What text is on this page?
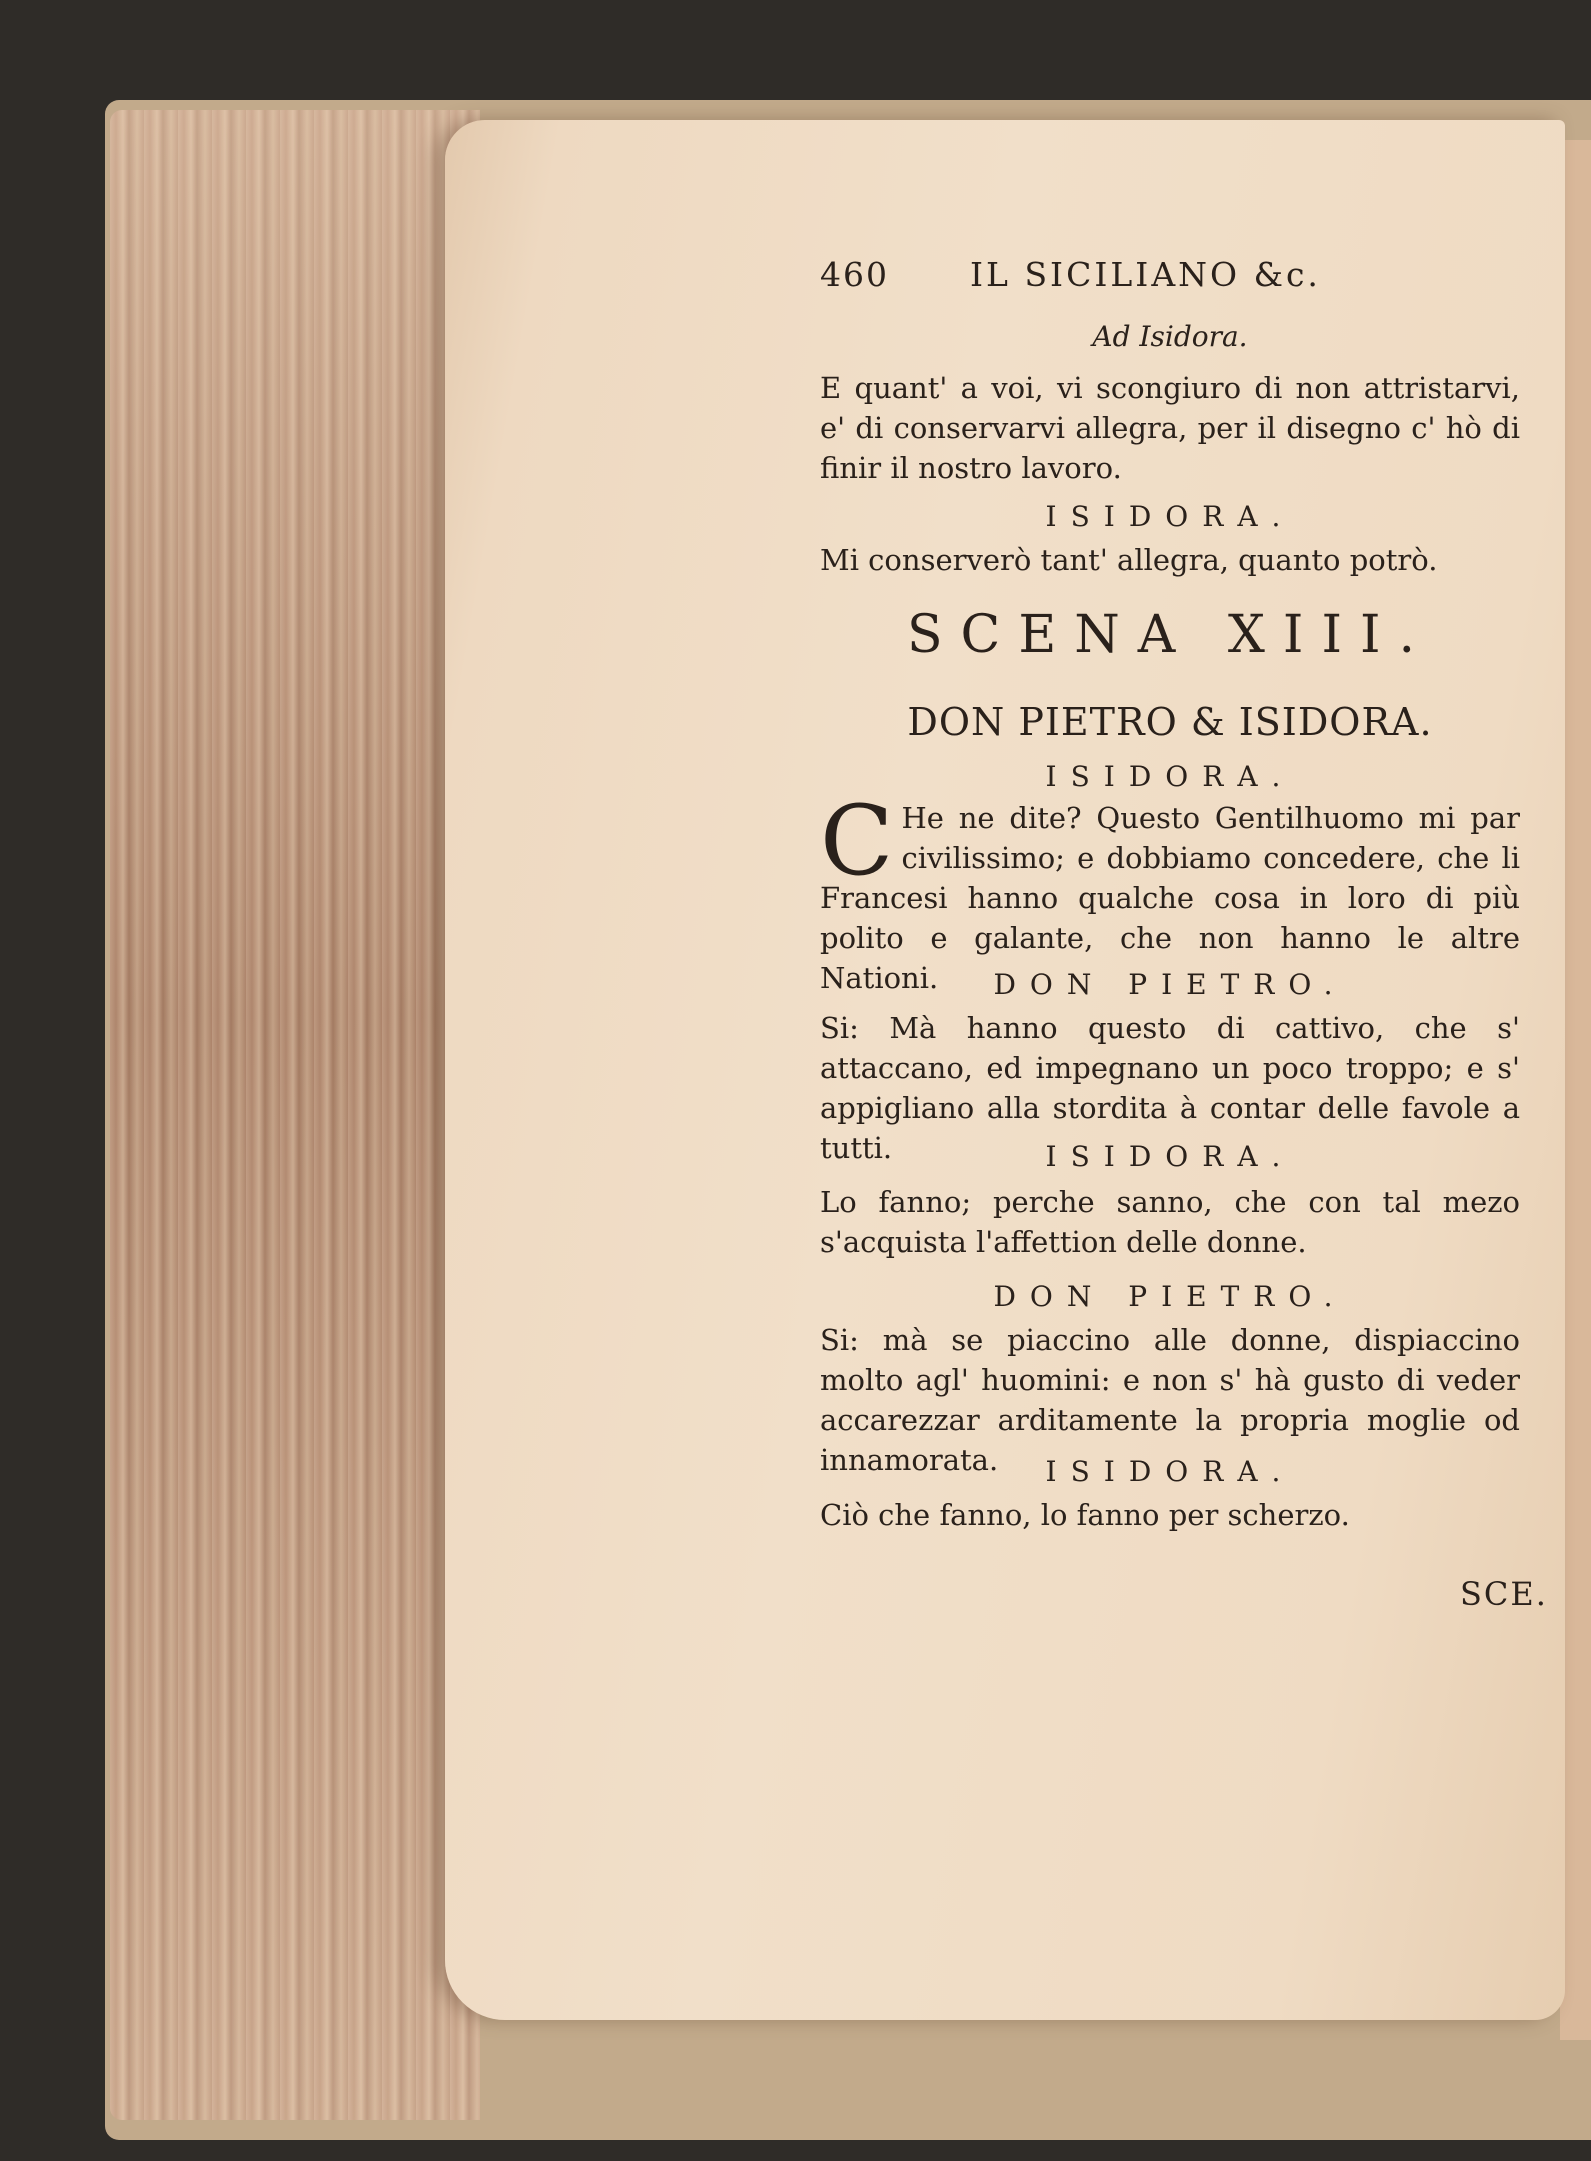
460 IL SICILIANO &c.
Ad Isidora.
E quant' a voi, vi scongiuro di non attristarvi, e' di conservarvi allegra, per il disegno c' hò di finir il nostro lavoro.
ISIDORA.
Mi conserverò tant' allegra, quanto potrò.
SCENA XIII.
DON PIETRO & ISIDORA.
ISIDORA.
C He ne dite? Questo Gentilhuomo mi par civilissimo; e dobbiamo concedere, che li Francesi hanno qualche cosa in loro di più polito e galante, che non hanno le altre Nationi.	DON PIETRO.
Si: Mà hanno questo di cattivo, che s' attaccano, ed impegnano un poco troppo; e s' appigliano alla stordita à contar delle favole a tutti.	ISIDORA.
Lo fanno; perche sanno, che con tal mezo s'acquista l'affettion delle donne.
DON PIETRO.
Si: mà se piaccino alle donne, dispiaccino molto agl' huomini: e non s' hà gusto di veder accarezzar arditamente la propria moglie od innamorata.	ISIDORA.
Ciò che fanno, lo fanno per scherzo.
SCE.
